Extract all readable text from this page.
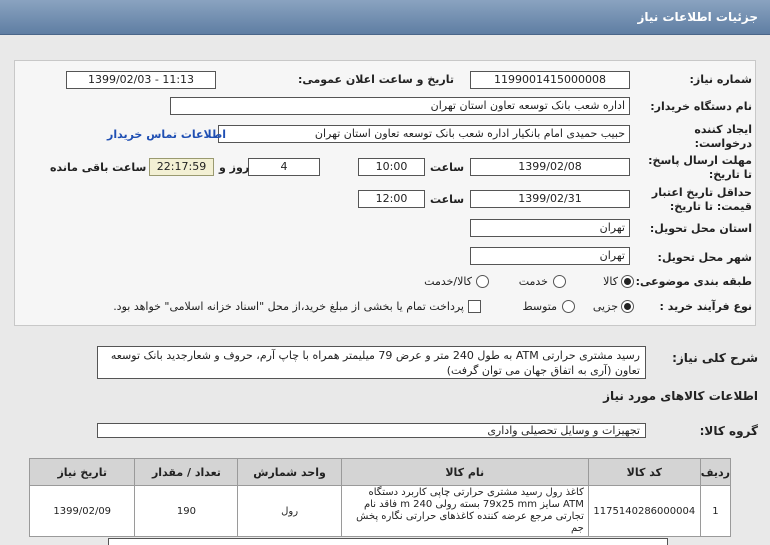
جزئیات اطلاعات نیاز
شماره نیاز:
1199001415000008
تاریخ و ساعت اعلان عمومی:
1399/02/03 - 11:13
نام دستگاه خریدار:
اداره شعب بانک توسعه تعاون استان تهران
ایجاد کننده
درخواست:
حبیب حمیدی امام بانکیار اداره شعب بانک توسعه تعاون استان تهران
اطلاعات تماس خریدار
مهلت ارسال پاسخ:
تا تاریخ:
1399/02/08
ساعت
10:00
4
روز و
22:17:59
ساعت باقی مانده
حداقل تاریخ اعتبار
قیمت: تا تاریخ:
1399/02/31
ساعت
12:00
استان محل تحویل:
تهران
شهر محل تحویل:
تهران
طبقه بندی موضوعی:
کالا
خدمت
کالا/خدمت
نوع فرآیند خرید :
جزیی
متوسط
پرداخت تمام یا بخشی از مبلغ خرید،از محل "اسناد خزانه اسلامی" خواهد بود.
شرح کلی نیاز:
رسید مشتری حرارتی ATM به طول 240 متر و عرض 79 میلیمتر همراه با چاپ آرم، حروف و شعارجدید بانک توسعه تعاون (آری به اتفاق جهان می توان گرفت)
اطلاعات کالاهای مورد نیاز
گروه کالا:
تجهیزات و وسایل تحصیلی واداری
ردیف	کد کالا	نام کالا	واحد شمارش	تعداد / مقدار	تاریخ نیاز
1	1175140286000004	کاغذ رول رسید مشتری حرارتی چاپی کاربرد دستگاه ATM سایز 79x25 mm بسته رولی 240 m فاقد نام تجارتی مرجع عرضه کننده کاغذهای حرارتی نگاره پخش جم	رول	190	1399/02/09
